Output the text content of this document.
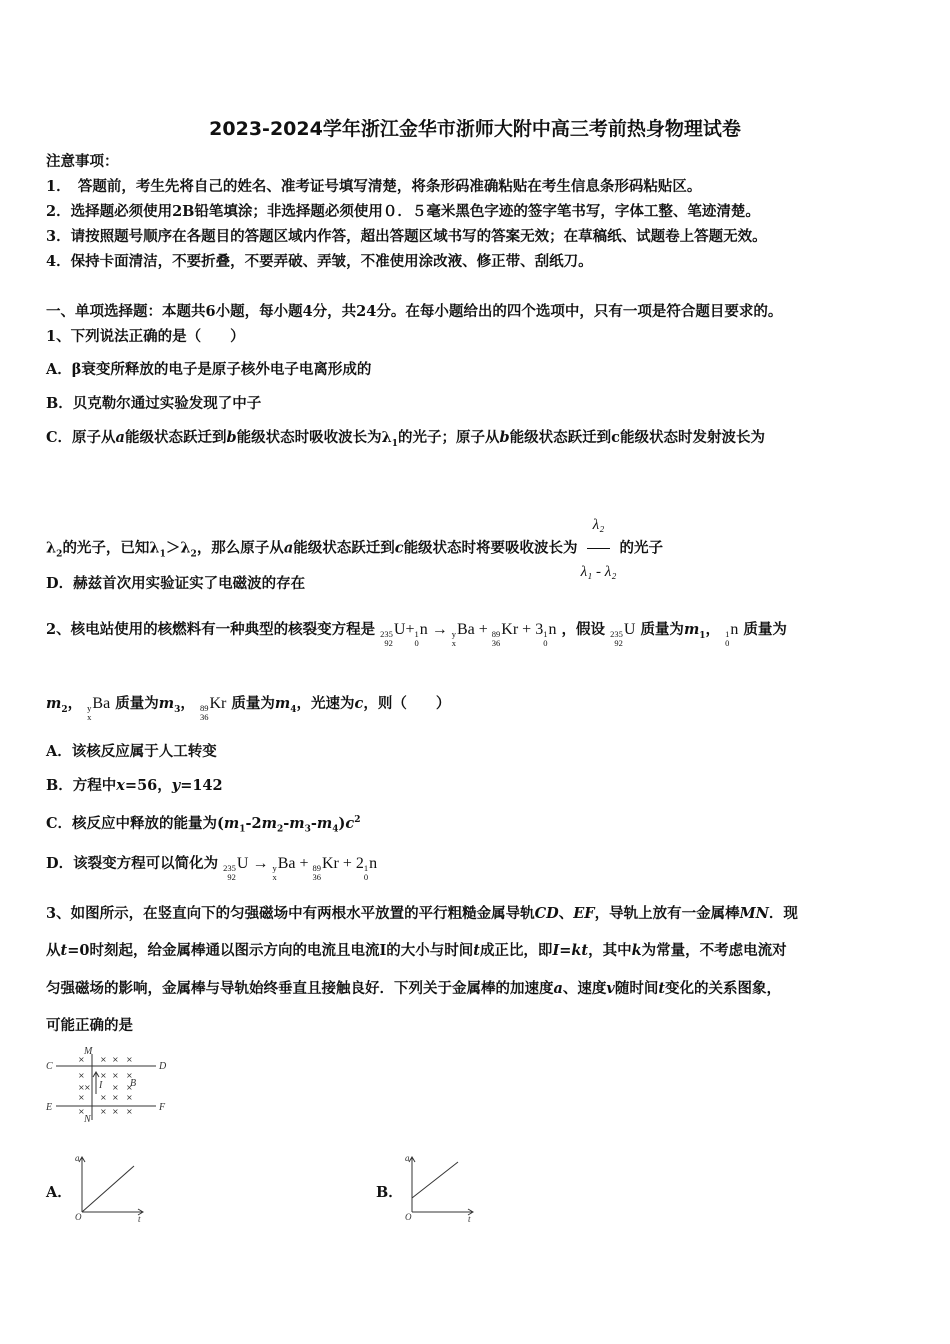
2023-2024学年浙江金华市浙师大附中高三考前热身物理试卷
注意事项：
1．　答题前，考生先将自己的姓名、准考证号填写清楚，将条形码准确粘贴在考生信息条形码粘贴区。
2．选择题必须使用2B铅笔填涂；非选择题必须使用０．５毫米黑色字迹的签字笔书写，字体工整、笔迹清楚。
3．请按照题号顺序在各题目的答题区域内作答，超出答题区域书写的答案无效；在草稿纸、试题卷上答题无效。
4．保持卡面清洁，不要折叠，不要弄破、弄皱，不准使用涂改液、修正带、刮纸刀。
一、单项选择题：本题共6小题，每小题4分，共24分。在每小题给出的四个选项中，只有一项是符合题目要求的。
1、下列说法正确的是（　　）
A．β衰变所释放的电子是原子核外电子电离形成的
B．贝克勒尔通过实验发现了中子
C．原子从a能级状态跃迁到b能级状态时吸收波长为$\lambda_1$的光子；原子从b能级状态跃迁到c能级状态时发射波长为
$\lambda_2$的光子，已知$\lambda_1>\lambda_2$，那么原子从a能级状态跃迁到c能级状态时将要吸收波长为 $\frac{\text{λ₂}}{\text{λ₁ - λ₂}}$ 的光子
D．赫兹首次用实验证实了电磁波的存在
2、核电站使用的核燃料有一种典型的核裂变方程是 235
92
U+ 1
0
n → y
x
Ba + 89
36
Kr + 3 1
0
n ，假设 235
92
U 质量为$m_1$， 1
0
n 质量为
$m_2$， y
x
Ba 质量为$m_3$， 89
36
Kr 质量为$m_4$，光速为c，则（　　）
A．该核反应属于人工转变
B．方程中x=56，y=142
C．核反应中释放的能量为$(m_1-2m_2-m_3-m_4)c^2$
D．该裂变方程可以简化为 235
92
U → y
x
Ba + 89
36
Kr + 2 1
0
n
3、如图所示，在竖直向下的匀强磁场中有两根水平放置的平行粗糙金属导轨CD、EF，导轨上放有一金属棒MN．现
从t=0时刻起，给金属棒通以图示方向的电流且电流I的大小与时间t成正比，即I=kt，其中k为常量，不考虑电流对
匀强磁场的影响，金属棒与导轨始终垂直且接触良好．下列关于金属棒的加速度a、速度v随时间t变化的关系图象，
可能正确的是
C	D
E	F
M
N
B
I
× × × ×
× × × ×
× ×	× ×
× × × ×
× × × ×
A．
a
O	t
B．
a
O	t
